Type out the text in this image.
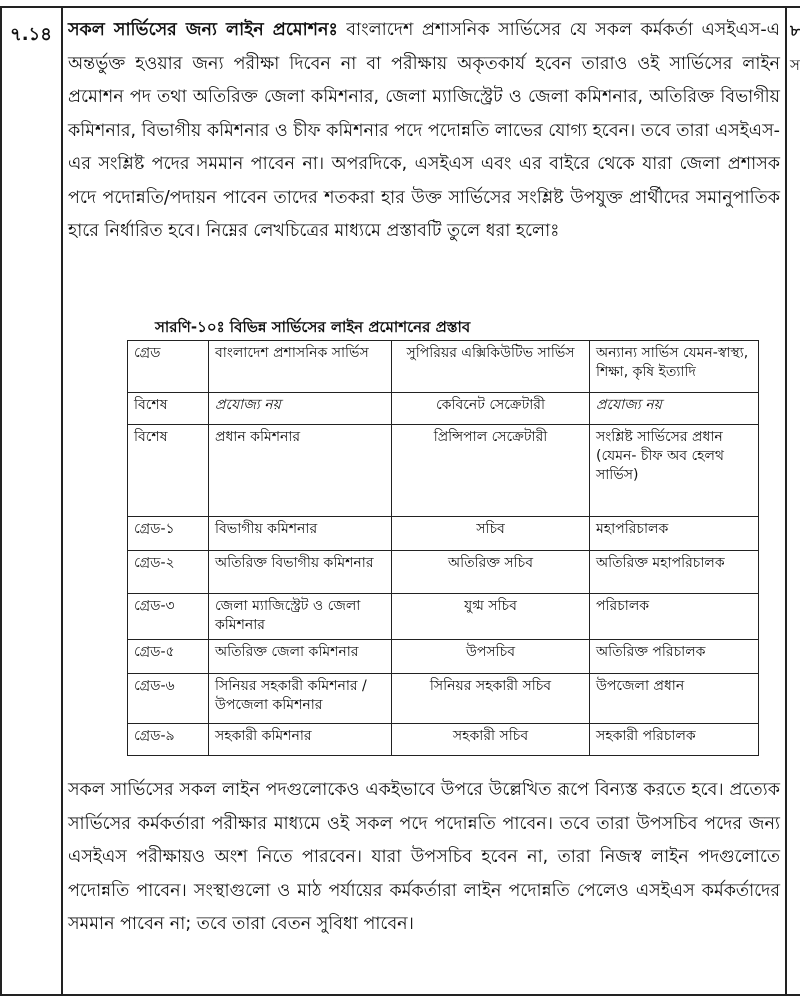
৭.১৪	৮
স

সকল সার্ভিসের জন্য লাইন প্রমোশনঃ বাংলাদেশ প্রশাসনিক সার্ভিসের যে সকল কর্মকর্তা এসইএস-এ অন্তর্ভুক্ত হওয়ার জন্য পরীক্ষা দিবেন না বা পরীক্ষায় অকৃতকার্য হবেন তারাও ওই সার্ভিসের লাইন প্রমোশন পদ তথা অতিরিক্ত জেলা কমিশনার, জেলা ম্যাজিস্ট্রেট ও জেলা কমিশনার, অতিরিক্ত বিভাগীয় কমিশনার, বিভাগীয় কমিশনার ও চীফ কমিশনার পদে পদোন্নতি লাভের যোগ্য হবেন। তবে তারা এসইএস-এর সংশ্লিষ্ট পদের সমমান পাবেন না। অপরদিকে, এসইএস এবং এর বাইরে থেকে যারা জেলা প্রশাসক পদে পদোন্নতি/পদায়ন পাবেন তাদের শতকরা হার উক্ত সার্ভিসের সংশ্লিষ্ট উপযুক্ত প্রার্থীদের সমানুপাতিক হারে নির্ধারিত হবে। নিম্নের লেখচিত্রের মাধ্যমে প্রস্তাবটি তুলে ধরা হলোঃ

সারণি-১০ঃ বিভিন্ন সার্ভিসের লাইন প্রমোশনের প্রস্তাব
গ্রেড	বাংলাদেশ প্রশাসনিক সার্ভিস	সুপিরিয়র এক্সিকিউটিভ সার্ভিস	অন্যান্য সার্ভিস যেমন-স্বাস্থ্য, শিক্ষা, কৃষি ইত্যাদি
বিশেষ	প্রযোজ্য নয়	কেবিনেট সেক্রেটারী	প্রযোজ্য নয়
বিশেষ	প্রধান কমিশনার	প্রিন্সিপাল সেক্রেটারী	সংশ্লিষ্ট সার্ভিসের প্রধান (যেমন- চীফ অব হেলথ সার্ভিস)
গ্রেড-১	বিভাগীয় কমিশনার	সচিব	মহাপরিচালক
গ্রেড-২	অতিরিক্ত বিভাগীয় কমিশনার	অতিরিক্ত সচিব	অতিরিক্ত মহাপরিচালক
গ্রেড-৩	জেলা ম্যাজিস্ট্রেট ও জেলা কমিশনার	যুগ্ম সচিব	পরিচালক
গ্রেড-৫	অতিরিক্ত জেলা কমিশনার	উপসচিব	অতিরিক্ত পরিচালক
গ্রেড-৬	সিনিয়র সহকারী কমিশনার /উপজেলা কমিশনার	সিনিয়র সহকারী সচিব	উপজেলা প্রধান
গ্রেড-৯	সহকারী কমিশনার	সহকারী সচিব	সহকারী পরিচালক

সকল সার্ভিসের সকল লাইন পদগুলোকেও একইভাবে উপরে উল্লেখিত রূপে বিন্যস্ত করতে হবে। প্রত্যেক সার্ভিসের কর্মকর্তারা পরীক্ষার মাধ্যমে ওই সকল পদে পদোন্নতি পাবেন। তবে তারা উপসচিব পদের জন্য এসইএস পরীক্ষায়ও অংশ নিতে পারবেন। যারা উপসচিব হবেন না, তারা নিজস্ব লাইন পদগুলোতে পদোন্নতি পাবেন। সংস্থাগুলো ও মাঠ পর্যায়ের কর্মকর্তারা লাইন পদোন্নতি পেলেও এসইএস কর্মকর্তাদের সমমান পাবেন না; তবে তারা বেতন সুবিধা পাবেন।
